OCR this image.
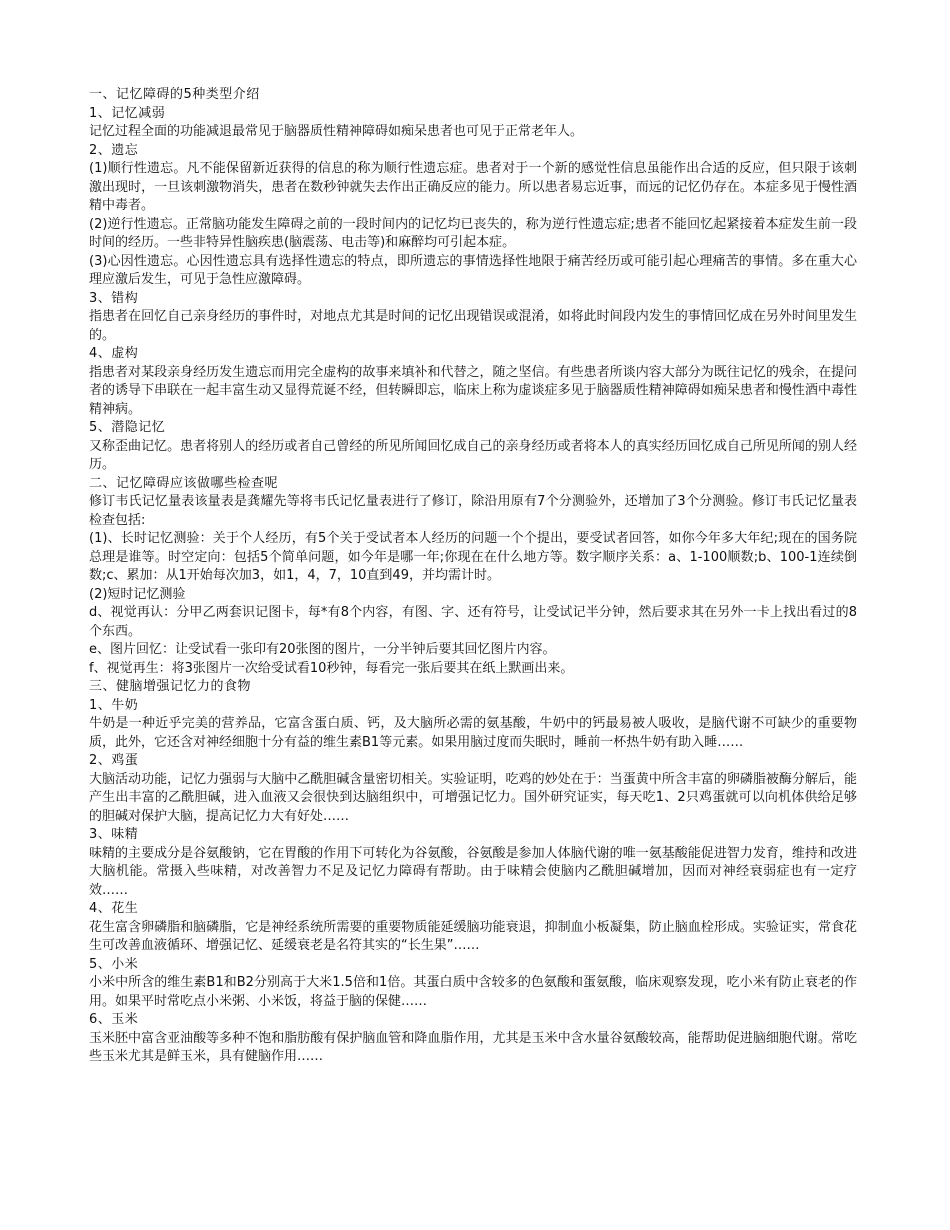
一、记忆障碍的5种类型介绍
1、记忆减弱
记忆过程全面的功能减退最常见于脑器质性精神障碍如痴呆患者也可见于正常老年人。
2、遗忘
(1)顺行性遗忘。凡不能保留新近获得的信息的称为顺行性遗忘症。患者对于一个新的感觉性信息虽能作出合适的反应，但只限于该刺激出现时，一旦该刺激物消失，患者在数秒钟就失去作出正确反应的能力。所以患者易忘近事，而远的记忆仍存在。本症多见于慢性酒精中毒者。
(2)逆行性遗忘。正常脑功能发生障碍之前的一段时间内的记忆均已丧失的，称为逆行性遗忘症;患者不能回忆起紧接着本症发生前一段时间的经历。一些非特异性脑疾患(脑震荡、电击等)和麻醉均可引起本症。
(3)心因性遗忘。心因性遗忘具有选择性遗忘的特点，即所遗忘的事情选择性地限于痛苦经历或可能引起心理痛苦的事情。多在重大心理应激后发生，可见于急性应激障碍。
3、错构
指患者在回忆自己亲身经历的事件时，对地点尤其是时间的记忆出现错误或混淆，如将此时间段内发生的事情回忆成在另外时间里发生的。
4、虚构
指患者对某段亲身经历发生遗忘而用完全虚构的故事来填补和代替之，随之坚信。有些患者所谈内容大部分为既往记忆的残余，在提问者的诱导下串联在一起丰富生动又显得荒诞不经，但转瞬即忘，临床上称为虚谈症多见于脑器质性精神障碍如痴呆患者和慢性酒中毒性精神病。
5、潜隐记忆
又称歪曲记忆。患者将别人的经历或者自己曾经的所见所闻回忆成自己的亲身经历或者将本人的真实经历回忆成自己所见所闻的别人经历。
二、记忆障碍应该做哪些检查呢
修订韦氏记忆量表该量表是龚耀先等将韦氏记忆量表进行了修订，除沿用原有7个分测验外，还增加了3个分测验。修订韦氏记忆量表检查包括:
(1)、长时记忆测验：关于个人经历，有5个关于受试者本人经历的问题一个个提出，要受试者回答，如你今年多大年纪;现在的国务院总理是谁等。时空定向：包括5个简单问题，如今年是哪一年;你现在在什么地方等。数字顺序关系：a、1-100顺数;b、100-1连续倒数;c、累加：从1开始每次加3，如1，4，7，10直到49，并均需计时。
(2)短时记忆测验
d、视觉再认：分甲乙两套识记图卡，每*有8个内容，有图、字、还有符号，让受试记半分钟，然后要求其在另外一卡上找出看过的8个东西。
e、图片回忆：让受试看一张印有20张图的图片，一分半钟后要其回忆图片内容。
f、视觉再生：将3张图片一次给受试看10秒钟，每看完一张后要其在纸上默画出来。
三、健脑增强记忆力的食物
1、牛奶
牛奶是一种近乎完美的营养品，它富含蛋白质、钙，及大脑所必需的氨基酸，牛奶中的钙最易被人吸收，是脑代谢不可缺少的重要物质，此外，它还含对神经细胞十分有益的维生素B1等元素。如果用脑过度而失眠时，睡前一杯热牛奶有助入睡……
2、鸡蛋
大脑活动功能，记忆力强弱与大脑中乙酰胆碱含量密切相关。实验证明，吃鸡的妙处在于：当蛋黄中所含丰富的卵磷脂被酶分解后，能产生出丰富的乙酰胆碱，进入血液又会很快到达脑组织中，可增强记忆力。国外研究证实，每天吃1、2只鸡蛋就可以向机体供给足够的胆碱对保护大脑，提高记忆力大有好处……
3、味精
味精的主要成分是谷氨酸钠，它在胃酸的作用下可转化为谷氨酸，谷氨酸是参加人体脑代谢的唯一氨基酸能促进智力发育，维持和改进大脑机能。常摄入些味精，对改善智力不足及记忆力障碍有帮助。由于味精会使脑内乙酰胆碱增加，因而对神经衰弱症也有一定疗效……
4、花生
花生富含卵磷脂和脑磷脂，它是神经系统所需要的重要物质能延缓脑功能衰退，抑制血小板凝集，防止脑血栓形成。实验证实，常食花生可改善血液循环、增强记忆、延缓衰老是名符其实的“长生果”……
5、小米
小米中所含的维生素B1和B2分别高于大米1.5倍和1倍。其蛋白质中含较多的色氨酸和蛋氨酸，临床观察发现，吃小米有防止衰老的作用。如果平时常吃点小米粥、小米饭，将益于脑的保健……
6、玉米
玉米胚中富含亚油酸等多种不饱和脂肪酸有保护脑血管和降血脂作用，尤其是玉米中含水量谷氨酸较高，能帮助促进脑细胞代谢。常吃些玉米尤其是鲜玉米，具有健脑作用……
